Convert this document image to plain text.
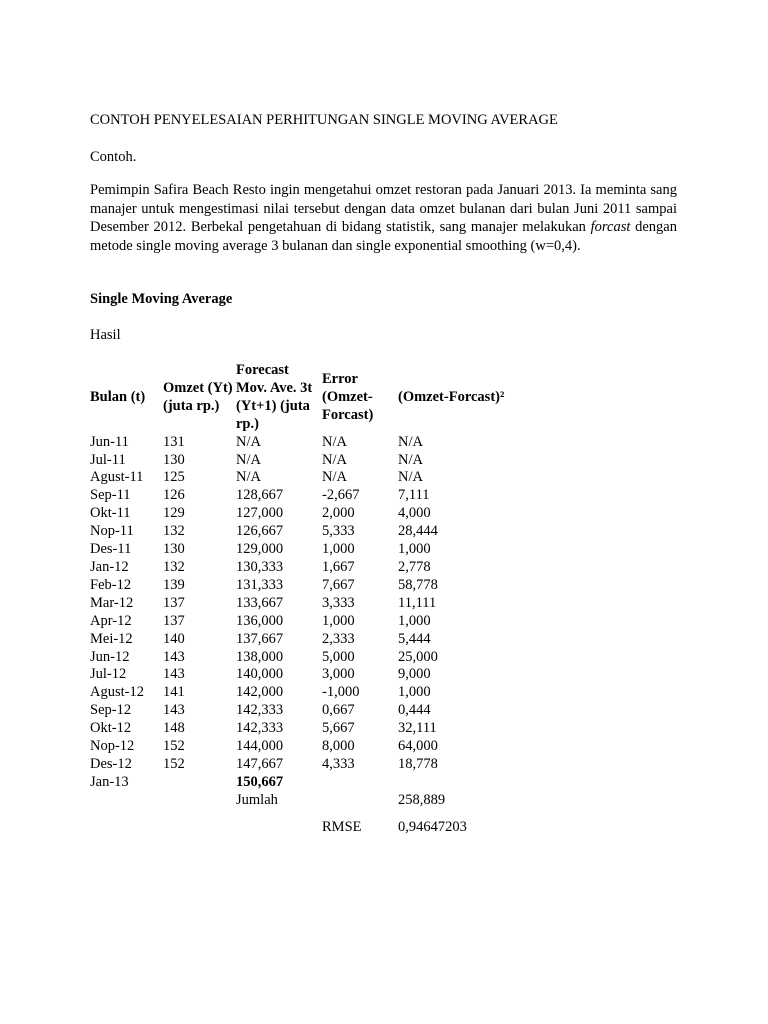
CONTOH PENYELESAIAN PERHITUNGAN SINGLE MOVING AVERAGE
Contoh.
Pemimpin Safira Beach Resto ingin mengetahui omzet restoran pada Januari 2013. Ia meminta sang manajer untuk mengestimasi nilai tersebut dengan data omzet bulanan dari bulan Juni 2011 sampai Desember 2012. Berbekal pengetahuan di bidang statistik, sang manajer melakukan forcast dengan metode single moving average 3 bulanan dan single exponential smoothing (w=0,4).
Single Moving Average
Hasil
Bulan (t)	Omzet (Yt) (juta rp.)	Forecast Mov. Ave. 3t (Yt+1) (juta rp.)	Error (Omzet-Forcast)	(Omzet-Forcast)²
Jun-11	131	N/A	N/A	N/A
Jul-11	130	N/A	N/A	N/A
Agust-11	125	N/A	N/A	N/A
Sep-11	126	128,667	-2,667	7,111
Okt-11	129	127,000	2,000	4,000
Nop-11	132	126,667	5,333	28,444
Des-11	130	129,000	1,000	1,000
Jan-12	132	130,333	1,667	2,778
Feb-12	139	131,333	7,667	58,778
Mar-12	137	133,667	3,333	11,111
Apr-12	137	136,000	1,000	1,000
Mei-12	140	137,667	2,333	5,444
Jun-12	143	138,000	5,000	25,000
Jul-12	143	140,000	3,000	9,000
Agust-12	141	142,000	-1,000	1,000
Sep-12	143	142,333	0,667	0,444
Okt-12	148	142,333	5,667	32,111
Nop-12	152	144,000	8,000	64,000
Des-12	152	147,667	4,333	18,778
Jan-13		150,667		
		Jumlah		258,889
			RMSE	0,94647203
